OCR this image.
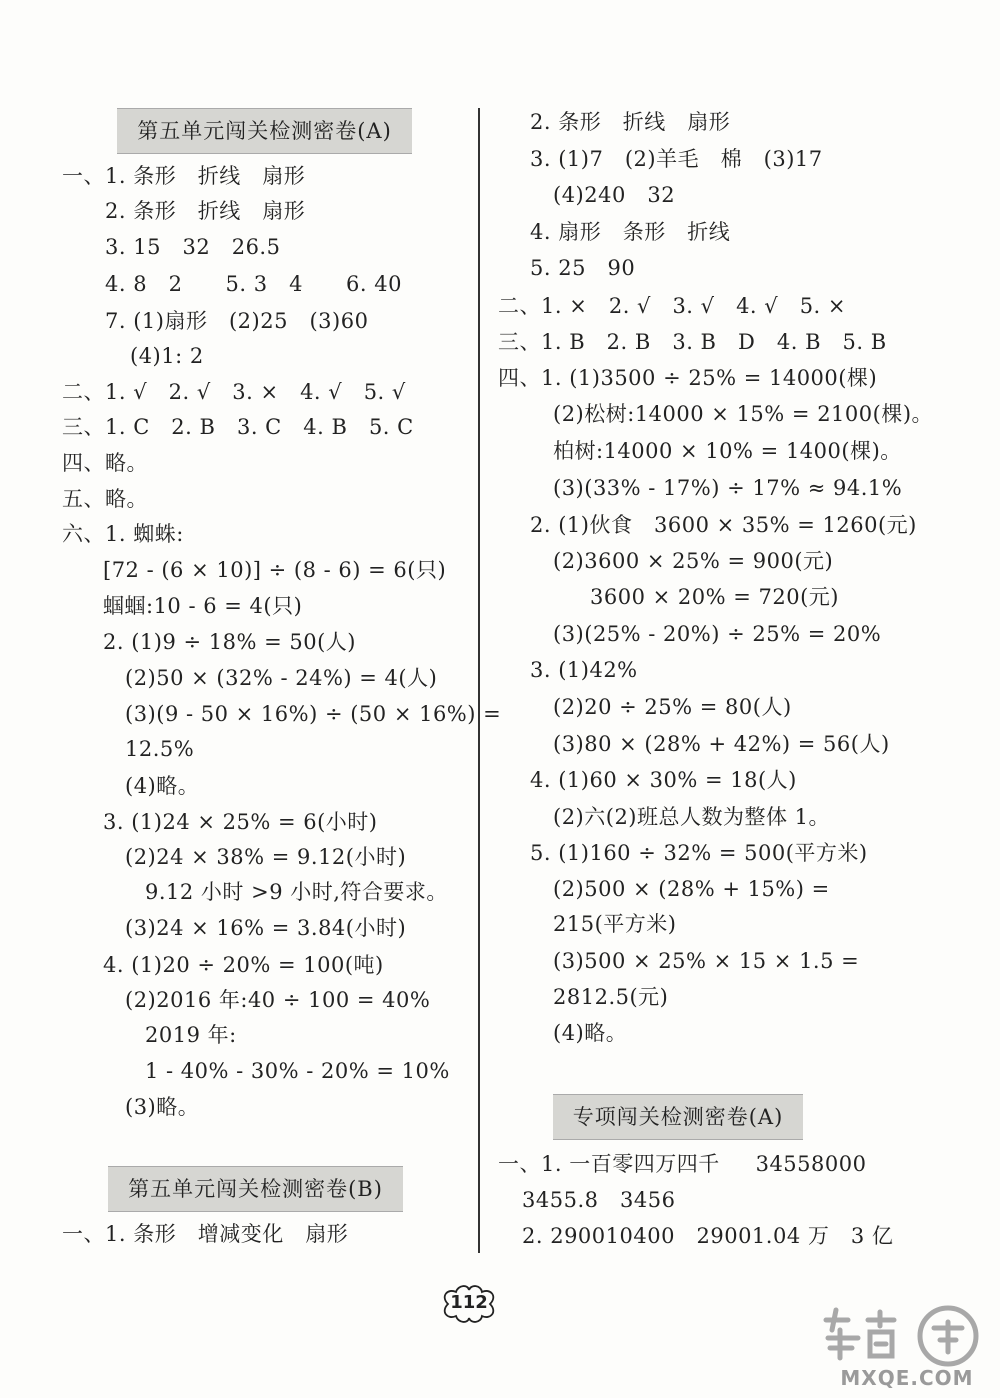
第五单元闯关检测密卷(A)
一、1. 条形   折线   扇形
2. 条形   折线   扇形
3. 15   32   26.5
4. 8   2      5. 3   4      6. 40
7. (1)扇形   (2)25   (3)60
(4)1: 2
二、1. √   2. √   3. ×   4. √   5. √
三、1. C   2. B   3. C   4. B   5. C
四、略。
五、略。
六、1. 蜘蛛:
[72 - (6 × 10)] ÷ (8 - 6) = 6(只)
蝈蝈:10 - 6 = 4(只)
2. (1)9 ÷ 18% = 50(人)
(2)50 × (32% - 24%) = 4(人)
(3)(9 - 50 × 16%) ÷ (50 × 16%) =
12.5%
(4)略。
3. (1)24 × 25% = 6(小时)
(2)24 × 38% = 9.12(小时)
9.12 小时 >9 小时,符合要求。
(3)24 × 16% = 3.84(小时)
4. (1)20 ÷ 20% = 100(吨)
(2)2016 年:40 ÷ 100 = 40%
2019 年:
1 - 40% - 30% - 20% = 10%
(3)略。
第五单元闯关检测密卷(B)
一、1. 条形   增减变化   扇形
2. 条形   折线   扇形
3. (1)7   (2)羊毛   棉   (3)17
(4)240   32
4. 扇形   条形   折线
5. 25   90
二、1. ×   2. √   3. √   4. √   5. ×
三、1. B   2. B   3. B   D   4. B   5. B
四、1. (1)3500 ÷ 25% = 14000(棵)
(2)松树:14000 × 15% = 2100(棵)。
柏树:14000 × 10% = 1400(棵)。
(3)(33% - 17%) ÷ 17% ≈ 94.1%
2. (1)伙食   3600 × 35% = 1260(元)
(2)3600 × 25% = 900(元)
3600 × 20% = 720(元)
(3)(25% - 20%) ÷ 25% = 20%
3. (1)42%
(2)20 ÷ 25% = 80(人)
(3)80 × (28% + 42%) = 56(人)
4. (1)60 × 30% = 18(人)
(2)六(2)班总人数为整体 1。
5. (1)160 ÷ 32% = 500(平方米)
(2)500 × (28% + 15%) =
215(平方米)
(3)500 × 25% × 15 × 1.5 =
2812.5(元)
(4)略。
专项闯关检测密卷(A)
一、1. 一百零四万四千     34558000
3455.8   3456
2. 290010400   29001.04 万   3 亿
112
MXQE.COM
